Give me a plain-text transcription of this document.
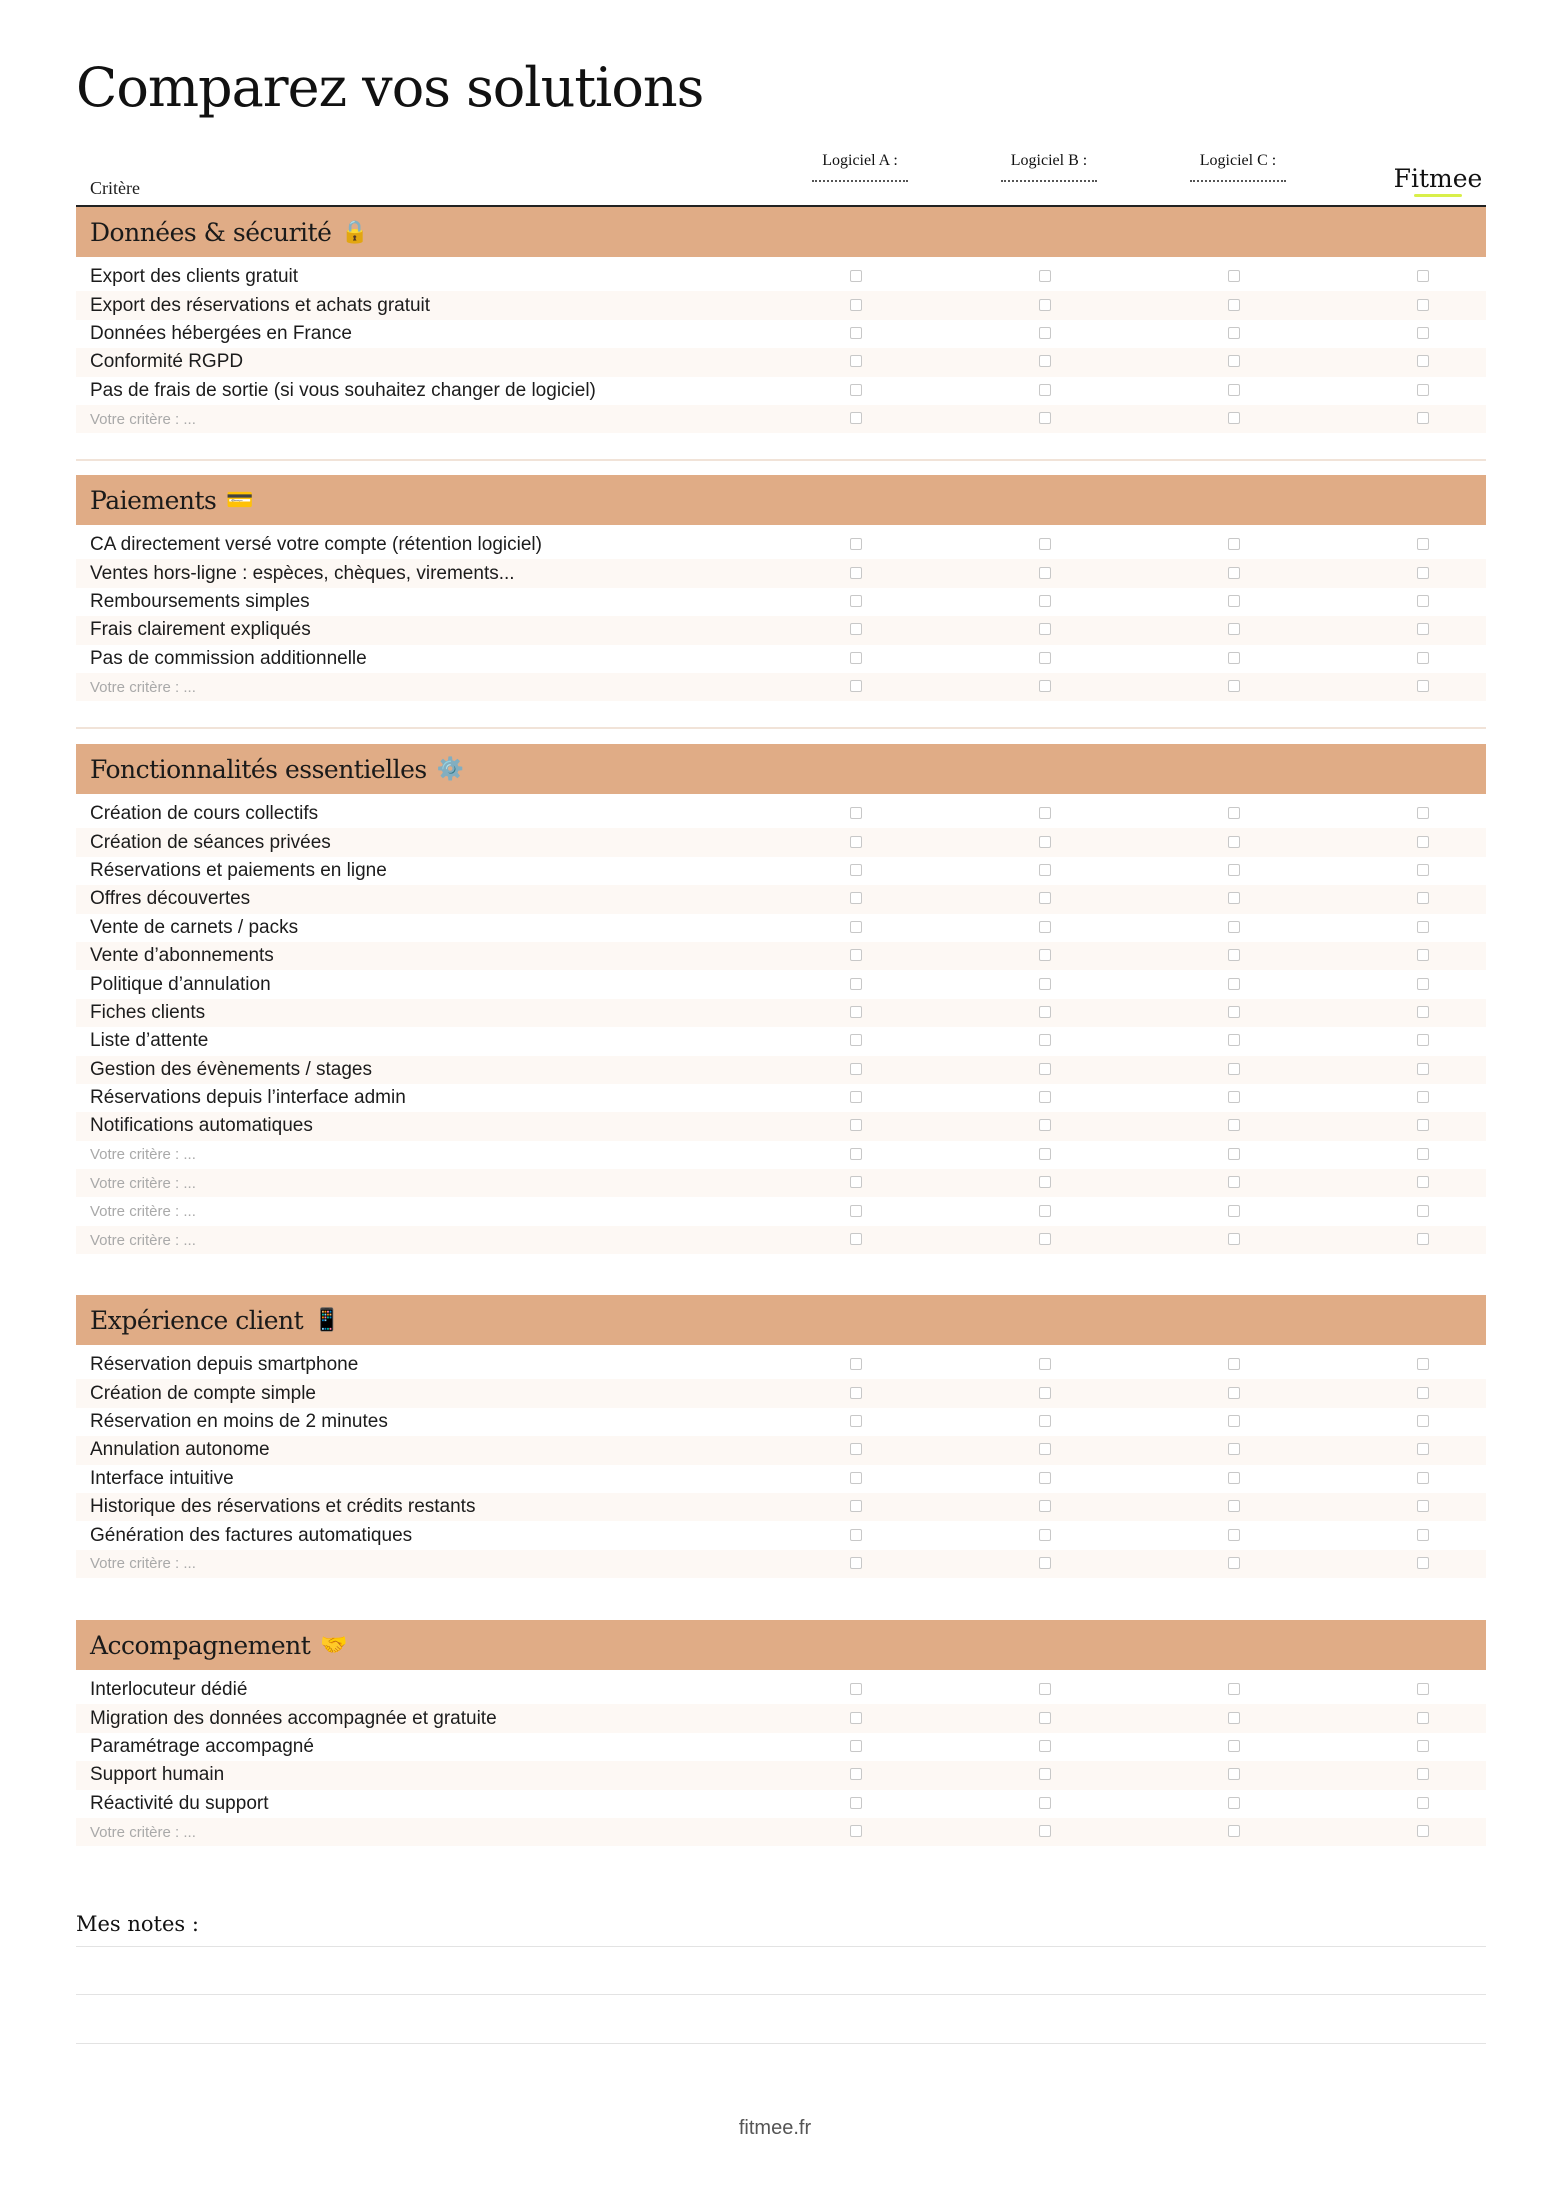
Comparez vos solutions
Critère
Logiciel A :	Logiciel B :	Logiciel C :
Fitmee
Données & sécurité 🔒
Export des clients gratuit
Export des réservations et achats gratuit
Données hébergées en France
Conformité RGPD
Pas de frais de sortie (si vous souhaitez changer de logiciel)
Votre critère : ...
Paiements 💳
CA directement versé votre compte (rétention logiciel)
Ventes hors-ligne : espèces, chèques, virements...
Remboursements simples
Frais clairement expliqués
Pas de commission additionnelle
Votre critère : ...
Fonctionnalités essentielles ⚙️
Création de cours collectifs
Création de séances privées
Réservations et paiements en ligne
Offres découvertes
Vente de carnets / packs
Vente d’abonnements
Politique d’annulation
Fiches clients
Liste d’attente
Gestion des évènements / stages
Réservations depuis l’interface admin
Notifications automatiques
Votre critère : ...
Votre critère : ...
Votre critère : ...
Votre critère : ...
Expérience client 📱
Réservation depuis smartphone
Création de compte simple
Réservation en moins de 2 minutes
Annulation autonome
Interface intuitive
Historique des réservations et crédits restants
Génération des factures automatiques
Votre critère : ...
Accompagnement 🤝
Interlocuteur dédié
Migration des données accompagnée et gratuite
Paramétrage accompagné
Support humain
Réactivité du support
Votre critère : ...
Mes notes :
fitmee.fr
